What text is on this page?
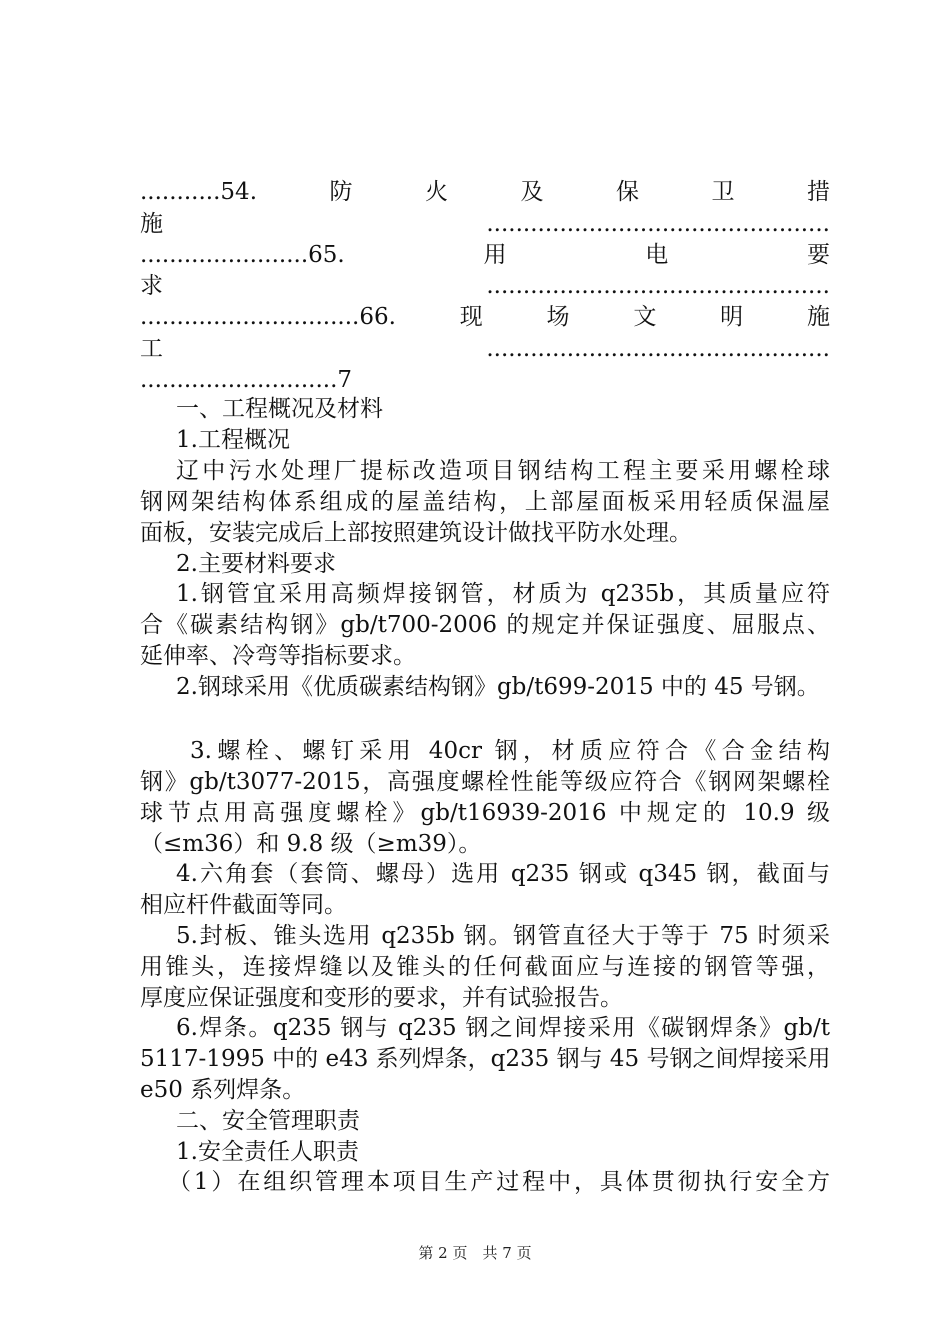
...........54.　　防　　火　　及　　保　　卫　　措
施...............................................
.......................65.　　　用　　　电　　　要
求...............................................
..............................66.　现　场　文　明　施
工...............................................
...........................7
一、工程概况及材料
1.工程概况
辽中污水处理厂提标改造项目钢结构工程主要采用螺栓球
钢网架结构体系组成的屋盖结构，上部屋面板采用轻质保温屋
面板，安装完成后上部按照建筑设计做找平防水处理。
2.主要材料要求
1.钢管宜采用高频焊接钢管，材质为 q235b，其质量应符
合《碳素结构钢》gb/t700-2006 的规定并保证强度、屈服点、
延伸率、冷弯等指标要求。
2.钢球采用《优质碳素结构钢》gb/t699-2015 中的 45 号钢。
3.螺栓、螺钉采用 40cr 钢，材质应符合《合金结构
钢》gb/t3077-2015，高强度螺栓性能等级应符合《钢网架螺栓
球节点用高强度螺栓》gb/t16939-2016 中规定的 10.9 级
（≤m36）和 9.8 级（≥m39）。
4.六角套（套筒、螺母）选用 q235 钢或 q345 钢，截面与
相应杆件截面等同。
5.封板、锥头选用 q235b 钢。钢管直径大于等于 75 时须采
用锥头，连接焊缝以及锥头的任何截面应与连接的钢管等强，
厚度应保证强度和变形的要求，并有试验报告。
6.焊条。q235 钢与 q235 钢之间焊接采用《碳钢焊条》gb/t
5117-1995 中的 e43 系列焊条，q235 钢与 45 号钢之间焊接采用
e50 系列焊条。
二、安全管理职责
1.安全责任人职责
（1）在组织管理本项目生产过程中，具体贯彻执行安全方
第 2 页　共 7 页
